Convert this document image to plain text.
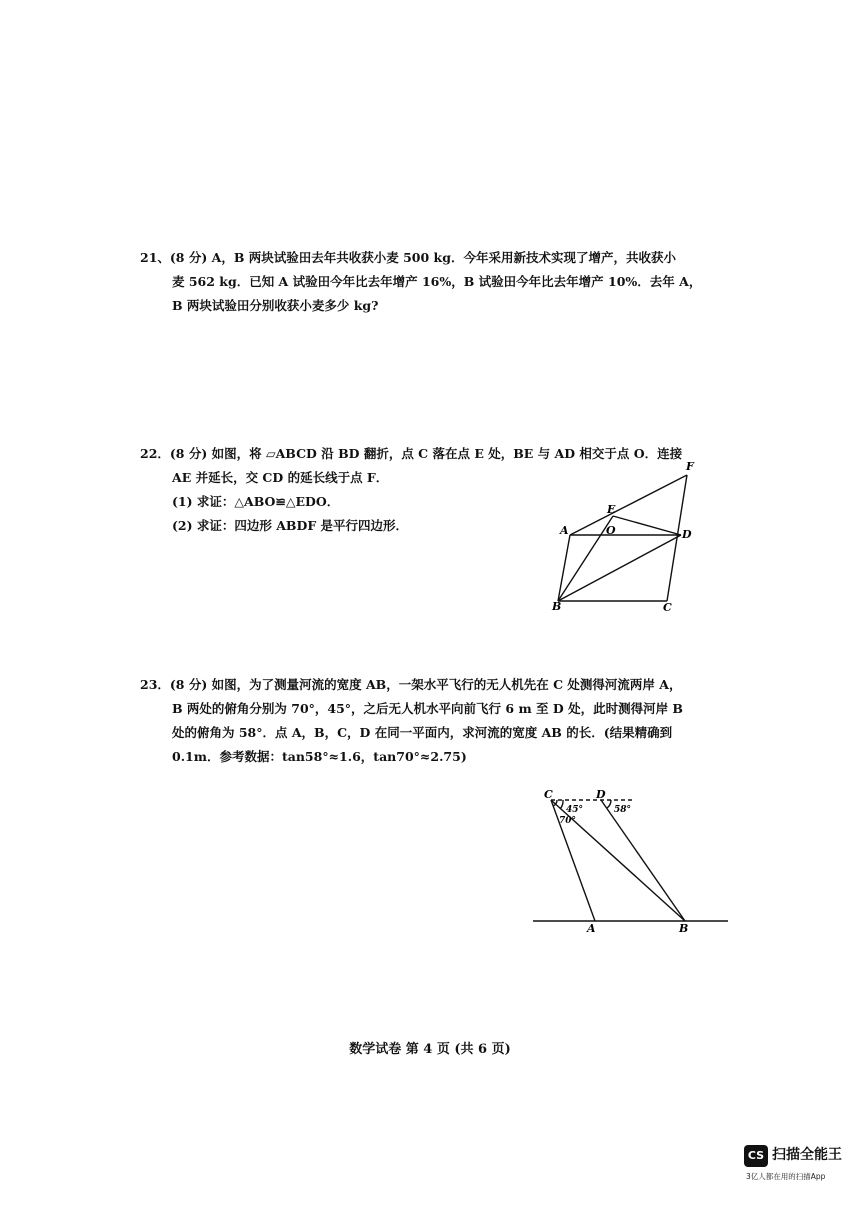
21、(8 分) A，B 两块试验田去年共收获小麦 500 kg．今年采用新技术实现了增产，共收获小

麦 562 kg．已知 A 试验田今年比去年增产 16%，B 试验田今年比去年增产 10%．去年 A，

B 两块试验田分别收获小麦多少 kg?

22．(8 分) 如图，将 ▱ABCD 沿 BD 翻折，点 C 落在点 E 处，BE 与 AD 相交于点 O．连接

AE 并延长，交 CD 的延长线于点 F．

(1) 求证：△ABO≌△EDO．

(2) 求证：四边形 ABDF 是平行四边形．	A
B	C
D
E
F
O

23．(8 分) 如图，为了测量河流的宽度 AB，一架水平飞行的无人机先在 C 处测得河流两岸 A，

B 两处的俯角分别为 70°，45°，之后无人机水平向前飞行 6 m 至 D 处，此时测得河岸 B

处的俯角为 58°．点 A，B，C，D 在同一平面内，求河流的宽度 AB 的长．(结果精确到

0.1m．参考数据：tan58°≈1.6，tan70°≈2.75)

C	D
A	B
45°
70°
58°
数学试卷 第 4 页 (共 6 页)
CS 扫描全能王
3亿人都在用的扫描App
